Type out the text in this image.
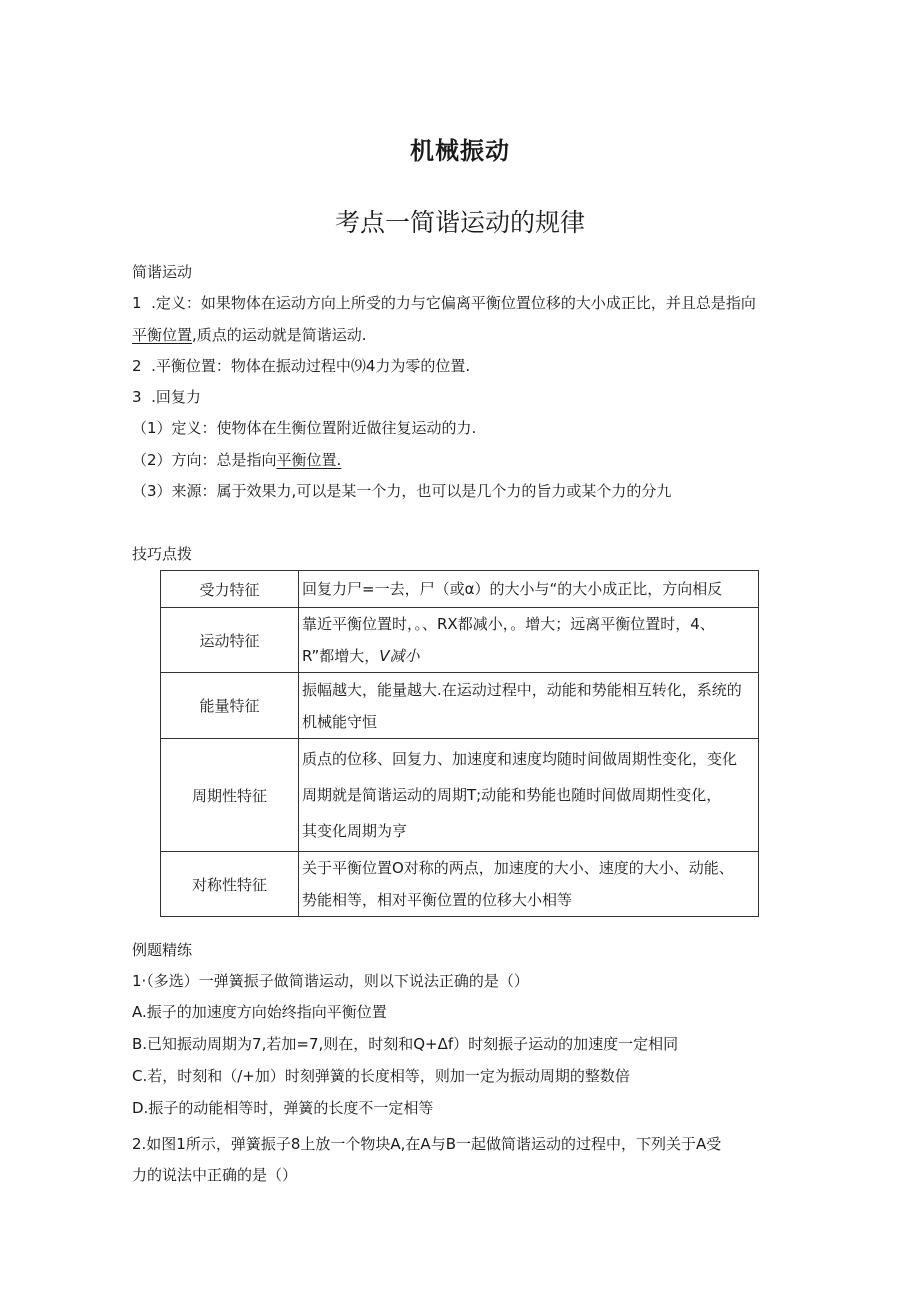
机械振动
考点一简谐运动的规律
简谐运动
1  .定义：如果物体在运动方向上所受的力与它偏离平衡位置位移的大小成正比，并且总是指向
平衡位置,质点的运动就是简谐运动.
2  .平衡位置：物体在振动过程中⑼4力为零的位置.
3  .回复力
（1）定义：使物体在生衡位置附近做往复运动的力.
（2）方向：总是指向平衡位置.
（3）来源：属于效果力,可以是某一个力，也可以是几个力的旨力或某个力的分九
技巧点拨
受力特征	回复力尸=一去，尸（或α）的大小与“的大小成正比，方向相反

运动特征	靠近平衡位置时，。、RX都减小，。增大；远离平衡位置时，4、
R”都增大，V减小

能量特征	振幅越大，能量越大.在运动过程中，动能和势能相互转化，系统的
机械能守恒

周期性特征	质点的位移、回复力、加速度和速度均随时间做周期性变化，变化
周期就是简谐运动的周期T;动能和势能也随时间做周期性变化，
其变化周期为亨

对称性特征	关于平衡位置O对称的两点，加速度的大小、速度的大小、动能、
势能相等，相对平衡位置的位移大小相等
例题精练
1·（多选）一弹簧振子做简谐运动，则以下说法正确的是（）
A.振子的加速度方向始终指向平衡位置
B.已知振动周期为7,若加=7,则在，时刻和Q+Δf）时刻振子运动的加速度一定相同
C.若，时刻和（/+加）时刻弹簧的长度相等，则加一定为振动周期的整数倍
D.振子的动能相等时，弹簧的长度不一定相等
2.如图1所示，弹簧振子8上放一个物块A,在A与B一起做简谐运动的过程中，下列关于A受
力的说法中正确的是（）
